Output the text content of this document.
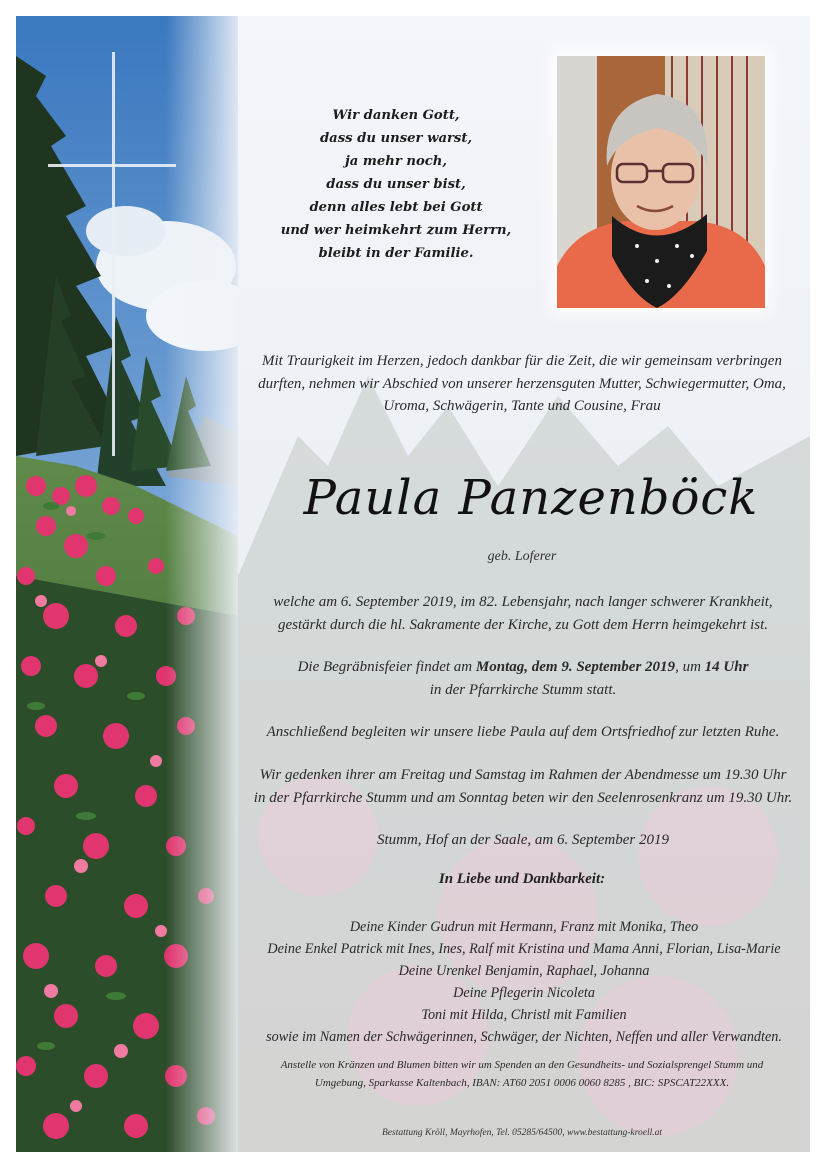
Wir danken Gott,
dass du unser warst,
ja mehr noch,
dass du unser bist,
denn alles lebt bei Gott
und wer heimkehrt zum Herrn,
bleibt in der Familie.
Mit Traurigkeit im Herzen, jedoch dankbar für die Zeit, die wir gemeinsam verbringen
durften, nehmen wir Abschied von unserer herzensguten Mutter, Schwiegermutter, Oma,
Uroma, Schwägerin, Tante und Cousine, Frau
Paula Panzenböck
geb. Loferer
welche am 6. September 2019, im 82. Lebensjahr, nach langer schwerer Krankheit,
gestärkt durch die hl. Sakramente der Kirche, zu Gott dem Herrn heimgekehrt ist.
Die Begräbnisfeier findet am Montag, dem 9. September 2019, um 14 Uhr
in der Pfarrkirche Stumm statt.
Anschließend begleiten wir unsere liebe Paula auf dem Ortsfriedhof zur letzten Ruhe.
Wir gedenken ihrer am Freitag und Samstag im Rahmen der Abendmesse um 19.30 Uhr
in der Pfarrkirche Stumm und am Sonntag beten wir den Seelenrosenkranz um 19.30 Uhr.
Stumm, Hof an der Saale, am 6. September 2019
In Liebe und Dankbarkeit:
Deine Kinder Gudrun mit Hermann, Franz mit Monika, Theo
Deine Enkel Patrick mit Ines, Ines, Ralf mit Kristina und Mama Anni, Florian, Lisa-Marie
Deine Urenkel Benjamin, Raphael, Johanna
Deine Pflegerin Nicoleta
Toni mit Hilda, Christl mit Familien
sowie im Namen der Schwägerinnen, Schwäger, der Nichten, Neffen und aller Verwandten.
Anstelle von Kränzen und Blumen bitten wir um Spenden an den Gesundheits- und Sozialsprengel Stumm und
Umgebung, Sparkasse Kaltenbach, IBAN: AT60 2051 0006 0060 8285 , BIC: SPSCAT22XXX.
Bestattung Kröll, Mayrhofen, Tel. 05285/64500, www.bestattung-kroell.at
